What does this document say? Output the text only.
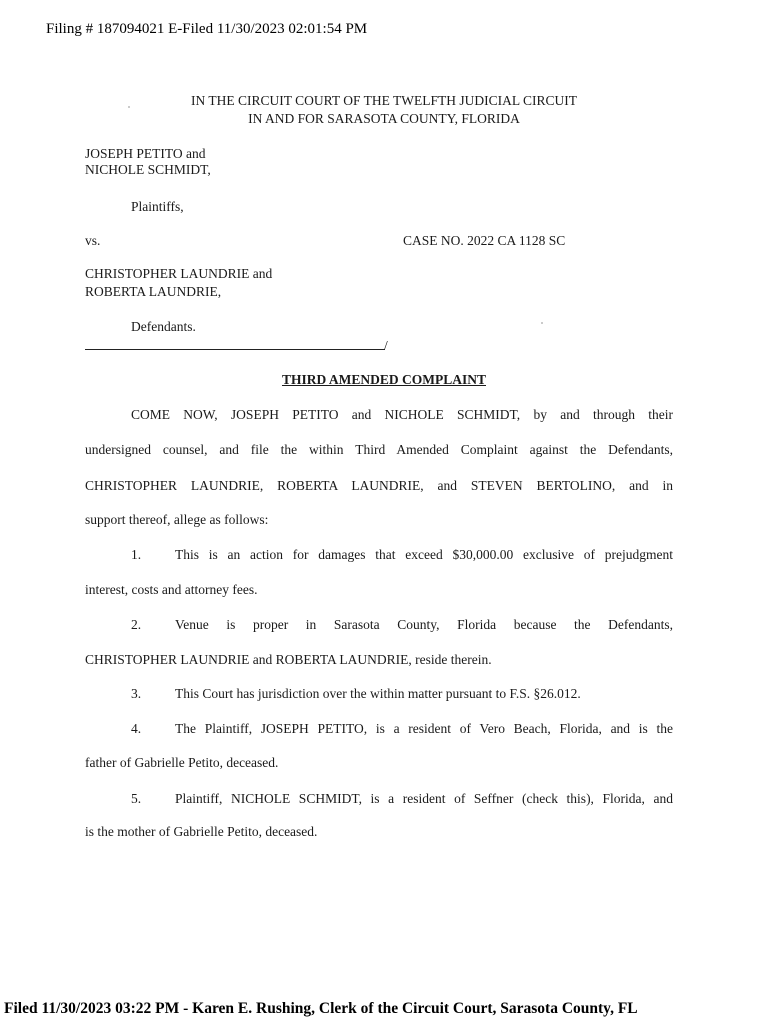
Filing # 187094021 E-Filed 11/30/2023 02:01:54 PM
IN THE CIRCUIT COURT OF THE TWELFTH JUDICIAL CIRCUIT
IN AND FOR SARASOTA COUNTY, FLORIDA
JOSEPH PETITO and
NICHOLE SCHMIDT,
Plaintiffs,
vs.	CASE NO. 2022 CA 1128 SC
CHRISTOPHER LAUNDRIE and
ROBERTA LAUNDRIE,
Defendants.
/
THIRD AMENDED COMPLAINT
COME NOW, JOSEPH PETITO and NICHOLE SCHMIDT, by and through their
undersigned counsel, and file the within Third Amended Complaint against the Defendants,
CHRISTOPHER LAUNDRIE, ROBERTA LAUNDRIE, and STEVEN BERTOLINO, and in
support thereof, allege as follows:
1.	This is an action for damages that exceed $30,000.00 exclusive of prejudgment
interest, costs and attorney fees.
2.	Venue is proper in Sarasota County, Florida because the Defendants,
CHRISTOPHER LAUNDRIE and ROBERTA LAUNDRIE, reside therein.
3.	This Court has jurisdiction over the within matter pursuant to F.S. §26.012.
4.	The Plaintiff, JOSEPH PETITO, is a resident of Vero Beach, Florida, and is the
father of Gabrielle Petito, deceased.
5.	Plaintiff, NICHOLE SCHMIDT, is a resident of Seffner (check this), Florida, and
is the mother of Gabrielle Petito, deceased.
Filed 11/30/2023 03:22 PM - Karen E. Rushing, Clerk of the Circuit Court, Sarasota County, FL
